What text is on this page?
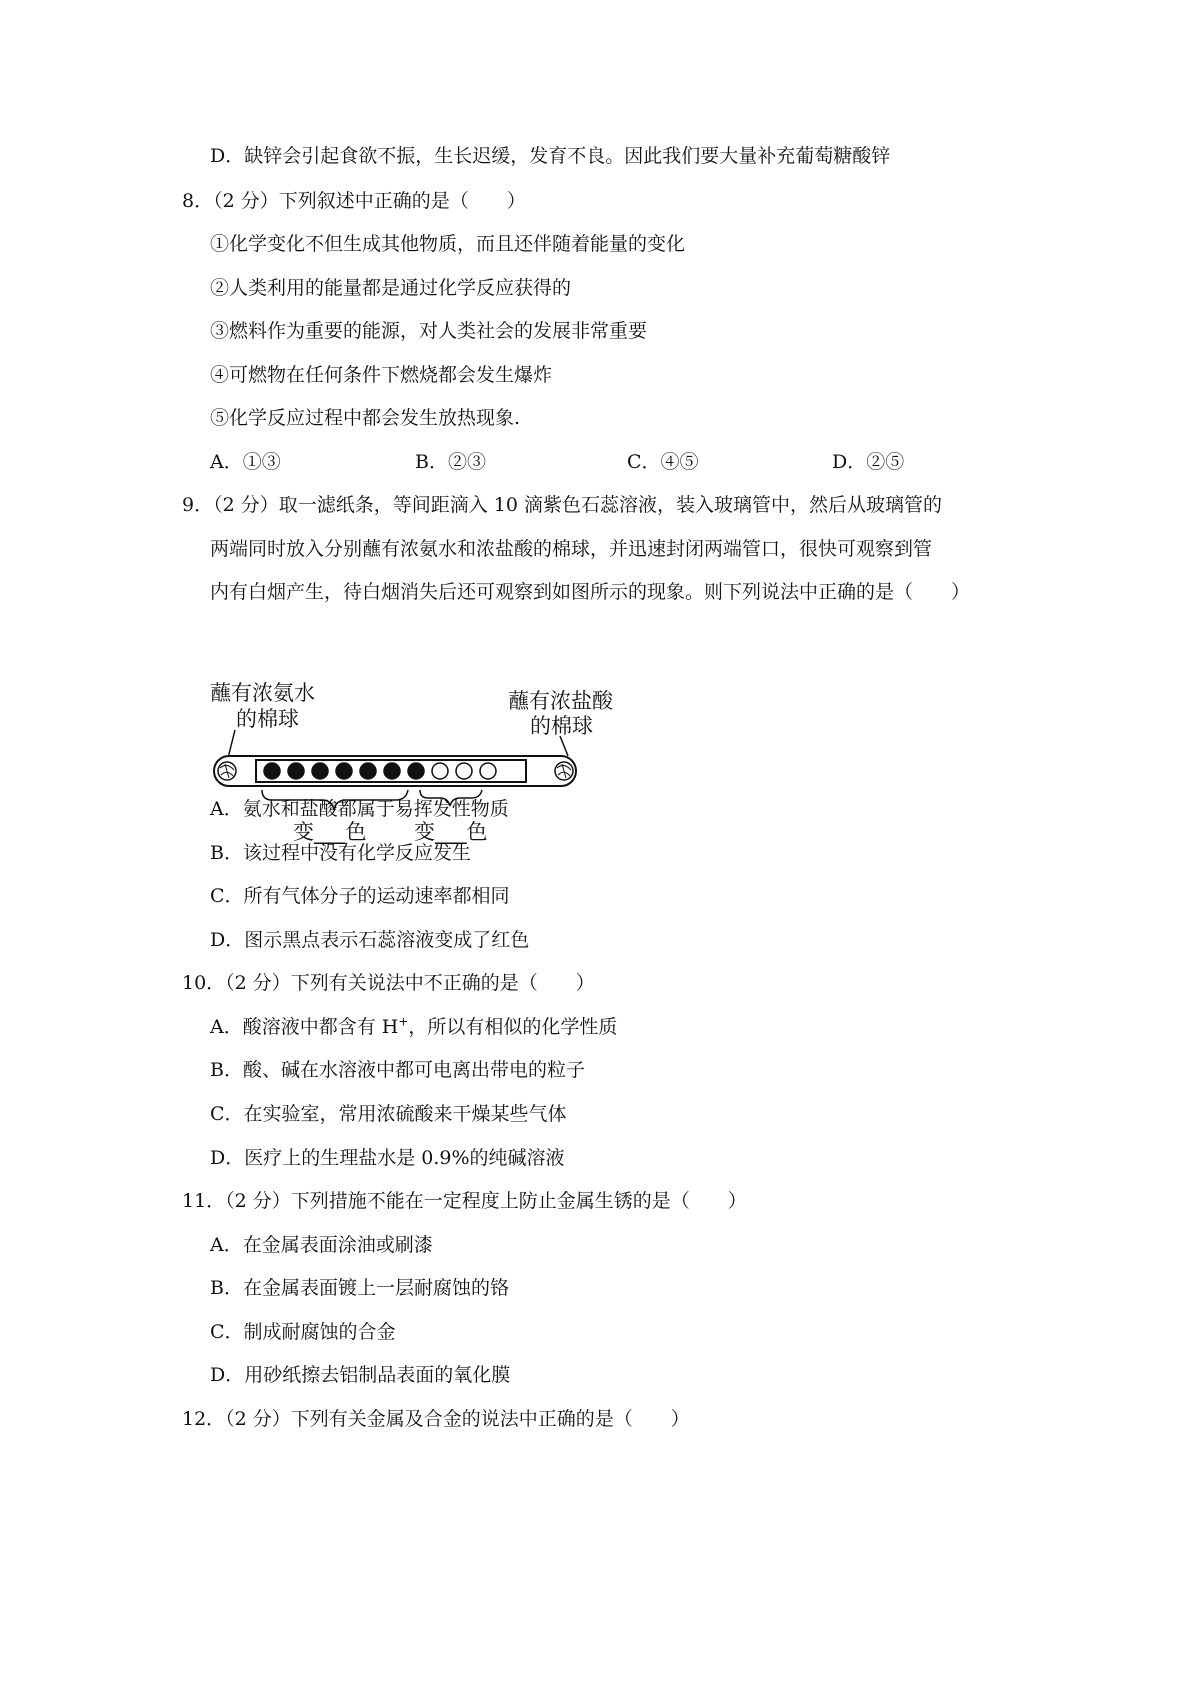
D．缺锌会引起食欲不振，生长迟缓，发育不良。因此我们要大量补充葡萄糖酸锌
8．（2 分）下列叙述中正确的是（　　）
①化学变化不但生成其他物质，而且还伴随着能量的变化
②人类利用的能量都是通过化学反应获得的
③燃料作为重要的能源，对人类社会的发展非常重要
④可燃物在任何条件下燃烧都会发生爆炸
⑤化学反应过程中都会发生放热现象.
A．①③	B．②③	C．④⑤	D．②⑤
9．（2 分）取一滤纸条，等间距滴入 10 滴紫色石蕊溶液，装入玻璃管中，然后从玻璃管的
两端同时放入分别蘸有浓氨水和浓盐酸的棉球，并迅速封闭两端管口，很快可观察到管
内有白烟产生，待白烟消失后还可观察到如图所示的现象。则下列说法中正确的是（　　）
蘸有浓氨水
的棉球
蘸有浓盐酸
的棉球
变___色 变___色
A．氨水和盐酸都属于易挥发性物质
B．该过程中没有化学反应发生
C．所有气体分子的运动速率都相同
D．图示黑点表示石蕊溶液变成了红色
10．（2 分）下列有关说法中不正确的是（　　）
A．酸溶液中都含有 H+，所以有相似的化学性质
B．酸、碱在水溶液中都可电离出带电的粒子
C．在实验室，常用浓硫酸来干燥某些气体
D．医疗上的生理盐水是 0.9%的纯碱溶液
11．（2 分）下列措施不能在一定程度上防止金属生锈的是（　　）
A．在金属表面涂油或刷漆
B．在金属表面镀上一层耐腐蚀的铬
C．制成耐腐蚀的合金
D．用砂纸擦去铝制品表面的氧化膜
12．（2 分）下列有关金属及合金的说法中正确的是（　　）
